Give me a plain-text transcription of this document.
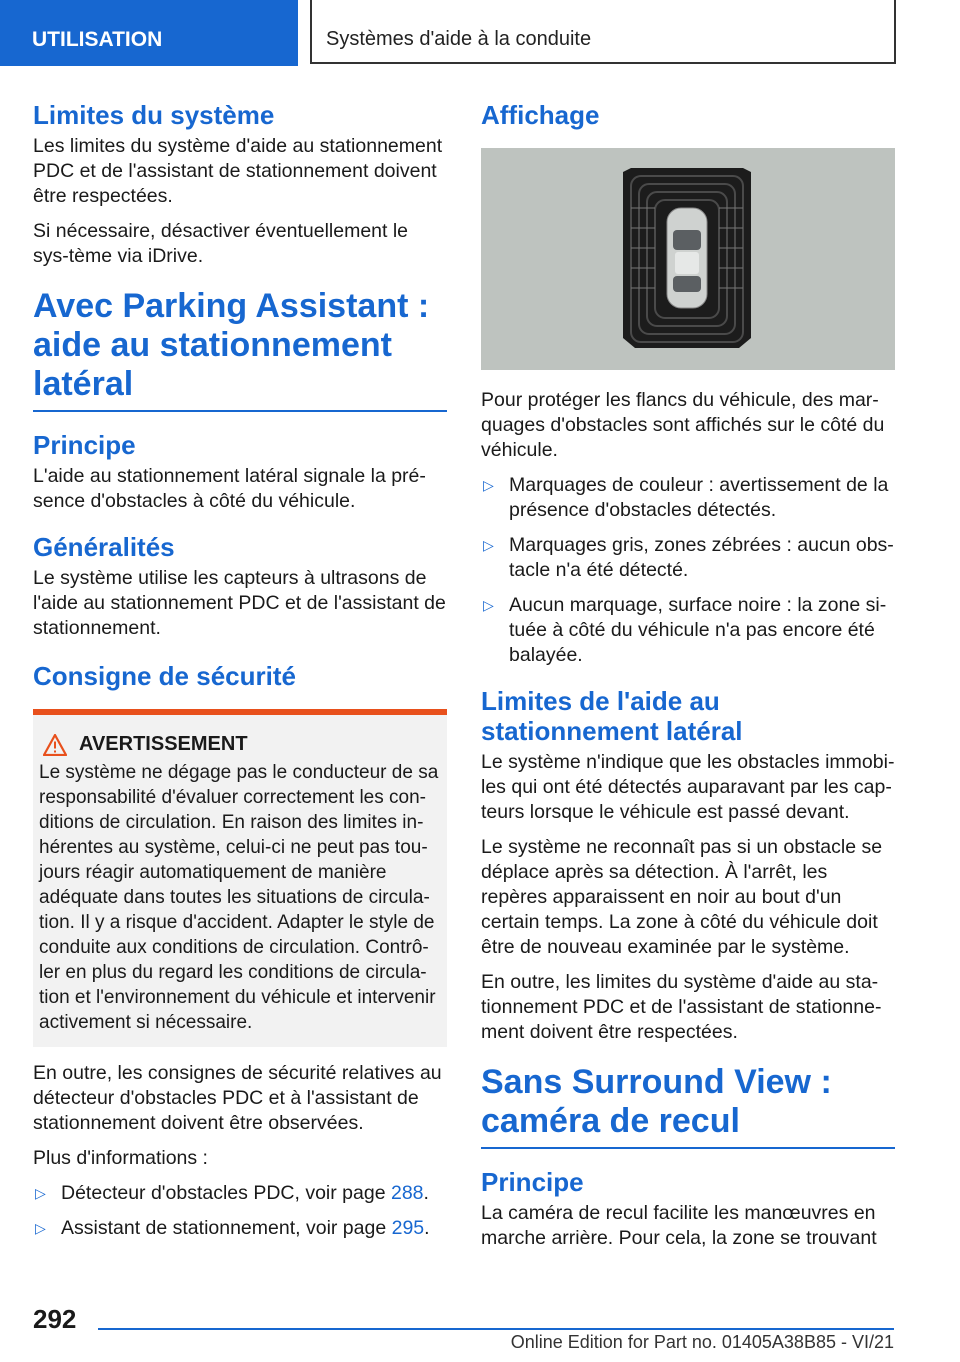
UTILISATION	Systèmes d'aide à la conduite
Limites du système

Les limites du système d'aide au stationnement PDC et de l'assistant de stationnement doivent être respectées.

Si nécessaire, désactiver éventuellement le sys-tème via iDrive.

Avec Parking Assistant : aide au stationnement latéral
Principe

L'aide au stationnement latéral signale la pré-sence d'obstacles à côté du véhicule.

Généralités

Le système utilise les capteurs à ultrasons de l'aide au stationnement PDC et de l'assistant de stationnement.

Consigne de sécurité
AVERTISSEMENT

Le système ne dégage pas le conducteur de sa responsabilité d'évaluer correctement les con-ditions de circulation. En raison des limites in-hérentes au système, celui-ci ne peut pas tou-jours réagir automatiquement de manière adéquate dans toutes les situations de circula-tion. Il y a risque d'accident. Adapter le style de conduite aux conditions de circulation. Contrô-ler en plus du regard les conditions de circula-tion et l'environnement du véhicule et intervenir activement si nécessaire.

En outre, les consignes de sécurité relatives au détecteur d'obstacles PDC et à l'assistant de stationnement doivent être observées.

Plus d'informations :

▷ Détecteur d'obstacles PDC, voir page 288.
▷ Assistant de stationnement, voir page 295.
Affichage

Pour protéger les flancs du véhicule, des mar-quages d'obstacles sont affichés sur le côté du véhicule.

▷ Marquages de couleur : avertissement de la présence d'obstacles détectés.
▷ Marquages gris, zones zébrées : aucun obs-tacle n'a été détecté.
▷ Aucun marquage, surface noire : la zone si-tuée à côté du véhicule n'a pas encore été balayée.
Limites de l'aide au stationnement latéral

Le système n'indique que les obstacles immobi-les qui ont été détectés auparavant par les cap-teurs lorsque le véhicule est passé devant.

Le système ne reconnaît pas si un obstacle se déplace après sa détection. À l'arrêt, les repères apparaissent en noir au bout d'un certain temps. La zone à côté du véhicule doit être de nouveau examinée par le système.

En outre, les limites du système d'aide au sta-tionnement PDC et de l'assistant de stationne-ment doivent être respectées.

Sans Surround View : caméra de recul
Principe

La caméra de recul facilite les manœuvres en marche arrière. Pour cela, la zone se trouvant

292
Online Edition for Part no. 01405A38B85 - VI/21
